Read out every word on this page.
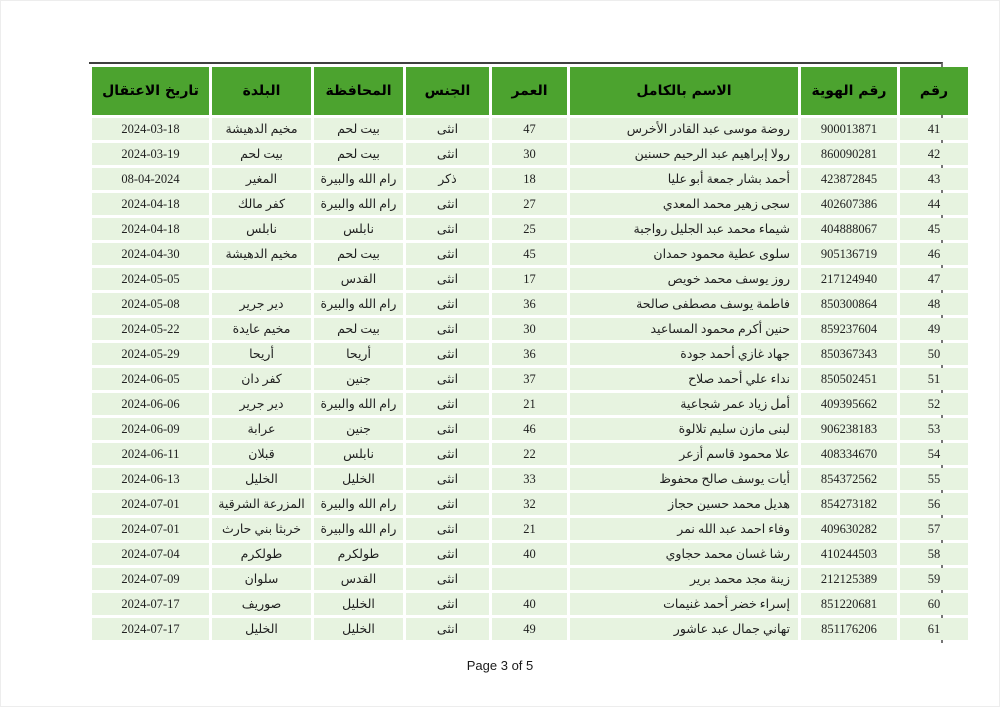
رقم	رقم الهوية	الاسم بالكامل	العمر	الجنس	المحافظة	البلدة	تاريخ الاعتقال
41	900013871	روضة موسى عبد القادر الأخرس	47	انثى	بيت لحم	مخيم الدهيشة	2024-03-18
42	860090281	رولا إبراهيم عبد الرحيم حسنين	30	انثى	بيت لحم	بيت لحم	2024-03-19
43	423872845	أحمد بشار جمعة أبو عليا	18	ذكر	رام الله والبيرة	المغير	08-04-2024
44	402607386	سجى زهير محمد المعدي	27	انثى	رام الله والبيرة	كفر مالك	2024-04-18
45	404888067	شيماء محمد عبد الجليل رواجبة	25	انثى	نابلس	نابلس	2024-04-18
46	905136719	سلوى عطية محمود حمدان	45	انثى	بيت لحم	مخيم الدهيشة	2024-04-30
47	217124940	روز يوسف محمد خويص	17	انثى	القدس		2024-05-05
48	850300864	فاطمة يوسف مصطفى صالحة	36	انثى	رام الله والبيرة	دير جرير	2024-05-08
49	859237604	حنين أكرم محمود المساعيد	30	انثى	بيت لحم	مخيم عايدة	2024-05-22
50	850367343	جهاد غازي أحمد جودة	36	انثى	أريحا	أريحا	2024-05-29
51	850502451	نداء علي أحمد صلاح	37	انثى	جنين	كفر دان	2024-06-05
52	409395662	أمل زياد عمر شجاعية	21	انثى	رام الله والبيرة	دير جرير	2024-06-06
53	906238183	لبنى مازن سليم تلالوة	46	انثى	جنين	عرابة	2024-06-09
54	408334670	علا محمود قاسم أزعر	22	انثى	نابلس	قبلان	2024-06-11
55	854372562	أيات يوسف صالح محفوظ	33	انثى	الخليل	الخليل	2024-06-13
56	854273182	هديل محمد حسين حجاز	32	انثى	رام الله والبيرة	المزرعة الشرقية	2024-07-01
57	409630282	وفاء احمد عبد الله نمر	21	انثى	رام الله والبيرة	خربثا بني حارث	2024-07-01
58	410244503	رشا غسان محمد حجاوي	40	انثى	طولكرم	طولكرم	2024-07-04
59	212125389	زينة مجد محمد برير		انثى	القدس	سلوان	2024-07-09
60	851220681	إسراء خضر أحمد غنيمات	40	انثى	الخليل	صوريف	2024-07-17
61	851176206	تهاني جمال عبد عاشور	49	انثى	الخليل	الخليل	2024-07-17
Page 3 of 5
